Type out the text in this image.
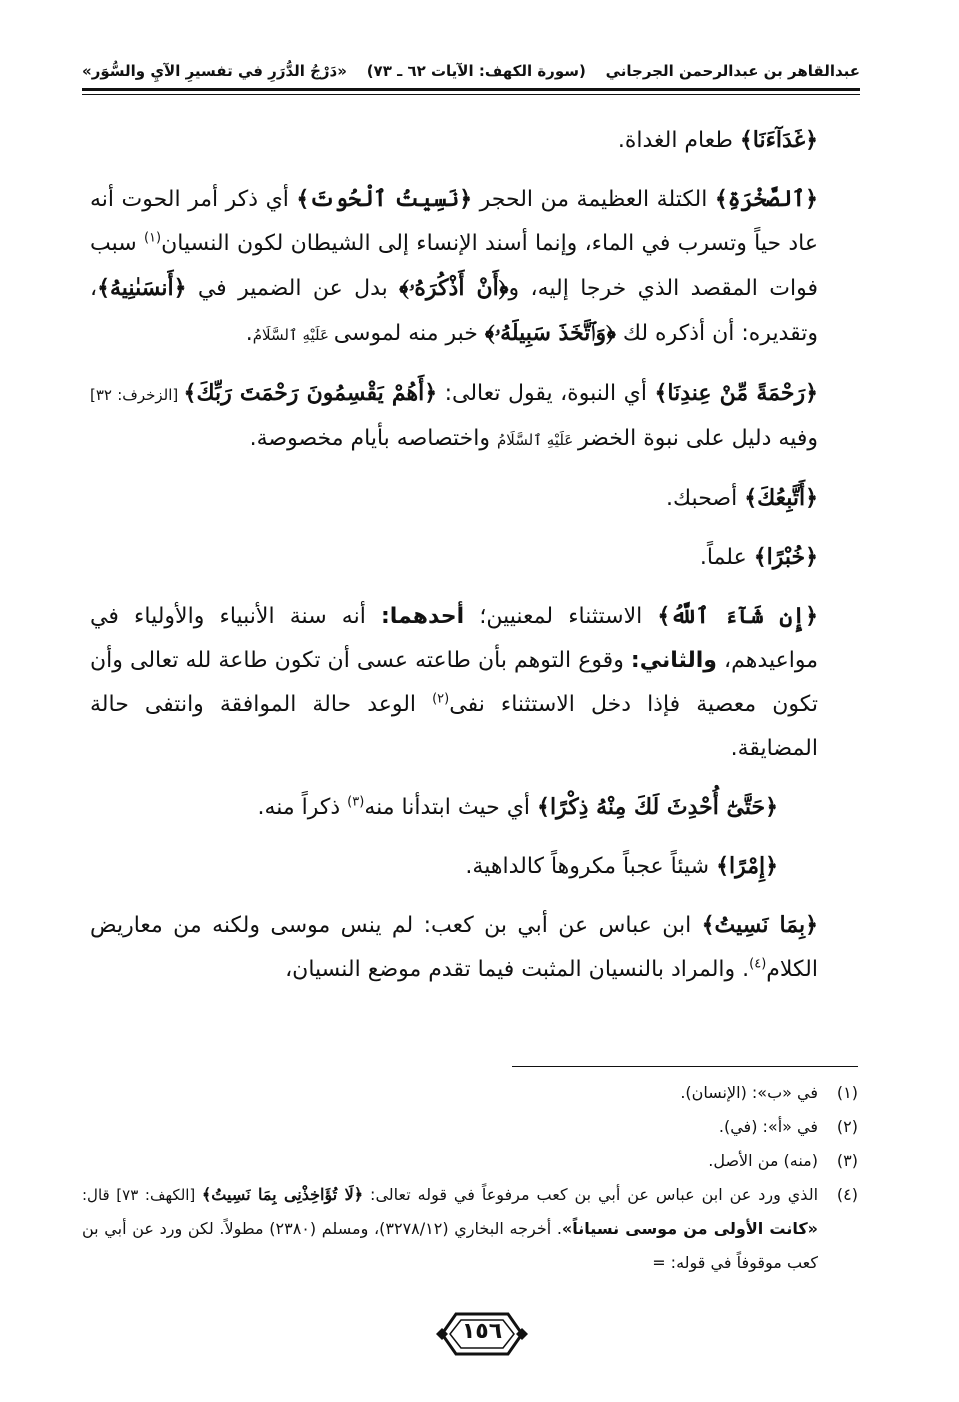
عبدالقاهر بن عبدالرحمن الجرجاني
(سورة الكهف: الآيات ٦٢ ـ ٧٣)
«دَرْجُ الدُّرَرِ في تفسيرِ الآيِ والسُّوَر»

﴿غَدَآءَنَا﴾ طعام الغداة.

﴿ٱلصَّخْرَةِ﴾ الكتلة العظيمة من الحجر ﴿نَسِيتُ ٱلْحُوتَ﴾ أي ذكر أمر الحوت أنه عاد حياً وتسرب في الماء، وإنما أسند الإنساء إلى الشيطان لكون النسيان$^{(١)}$ سبب فوات المقصد الذي خرجا إليه، و﴿أَنْ أَذْكُرَهُۥ﴾ بدل عن الضمير في ﴿أَنسَىٰنِيهُ﴾، وتقديره: أن أذكره لك ﴿وَٱتَّخَذَ سَبِيلَهُۥ﴾ خبر منه لموسى عَلَيْهِ ٱلسَّلَامُ.

﴿رَحْمَةً مِّنْ عِندِنَا﴾ أي النبوة، يقول تعالى: ﴿أَهُمْ يَقْسِمُونَ رَحْمَتَ رَبِّكَ﴾ [الزخرف: ٣٢] وفيه دليل على نبوة الخضر عَلَيْهِ ٱلسَّلَامُ واختصاصه بأيام مخصوصة.

﴿أَتَّبِعُكَ﴾ أصحبك.

﴿خُبْرًا﴾ علماً.

﴿إِن شَآءَ ٱللَّهُ﴾ الاستثناء لمعنيين؛ أحدهما: أنه سنة الأنبياء والأولياء في مواعيدهم، والثاني: وقوع التوهم بأن طاعته عسى أن تكون طاعة لله تعالى وأن تكون معصية فإذا دخل الاستثناء نفى$^{(٢)}$ الوعد حالة الموافقة وانتفى حالة المضايقة.

﴿حَتَّىٰٓ أُحْدِثَ لَكَ مِنْهُ ذِكْرًا﴾ أي حيث ابتدأنا منه$^{(٣)}$ ذكراً منه.

﴿إِمْرًا﴾ شيئاً عجباً مكروهاً كالداهية.

﴿بِمَا نَسِيتُ﴾ ابن عباس عن أبي بن كعب: لم ينس موسى ولكنه من معاريض الكلام$^{(٤)}$. والمراد بالنسيان المثبت فيما تقدم موضع النسيان،

(١)
في «ب»: (الإنسان).
(٢)
في «أ»: (في).
(٣)
(منه) من الأصل.
(٤)
الذي ورد عن ابن عباس عن أبي بن كعب مرفوعاً في قوله تعالى: ﴿لَا تُؤَاخِذْنِى بِمَا نَسِيتُ﴾ [الكهف: ٧٣] قال: «كانت الأولى من موسى نسياناً». أخرجه البخاري (٣٢٧٨/١٢)، ومسلم (٢٣٨٠) مطولاً. لكن ورد عن أبي بن كعب موقوفاً في قوله: =
١٥٦
